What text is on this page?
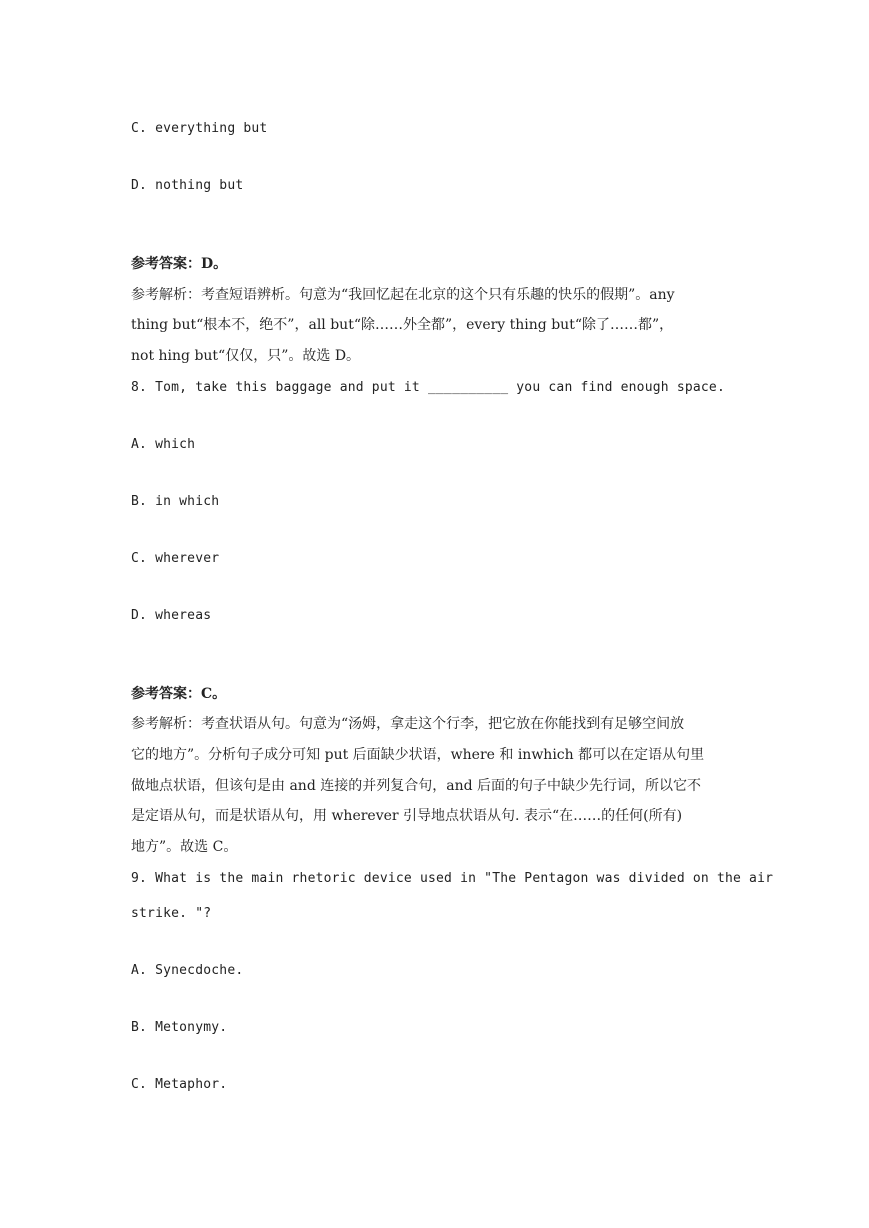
C. everything but
D. nothing but
参考答案：D。
参考解析：考查短语辨析。句意为“我回忆起在北京的这个只有乐趣的快乐的假期”。any
thing but“根本不，绝不”，all but“除……外全都”，every thing but“除了……都”，
not hing but“仅仅，只”。故选 D。
8. Tom, take this baggage and put it __________ you can find enough space.
A. which
B. in which
C. wherever
D. whereas
参考答案：C。
参考解析：考查状语从句。句意为“汤姆，拿走这个行李，把它放在你能找到有足够空间放
它的地方”。分析句子成分可知 put 后面缺少状语，where 和 inwhich 都可以在定语从句里
做地点状语，但该句是由 and 连接的并列复合句，and 后面的句子中缺少先行词，所以它不
是定语从句，而是状语从句，用 wherever 引导地点状语从句. 表示“在……的任何(所有)
地方”。故选 C。
9. What is the main rhetoric device used in "The Pentagon was divided on the air
strike. "?
A. Synecdoche.
B. Metonymy.
C. Metaphor.
